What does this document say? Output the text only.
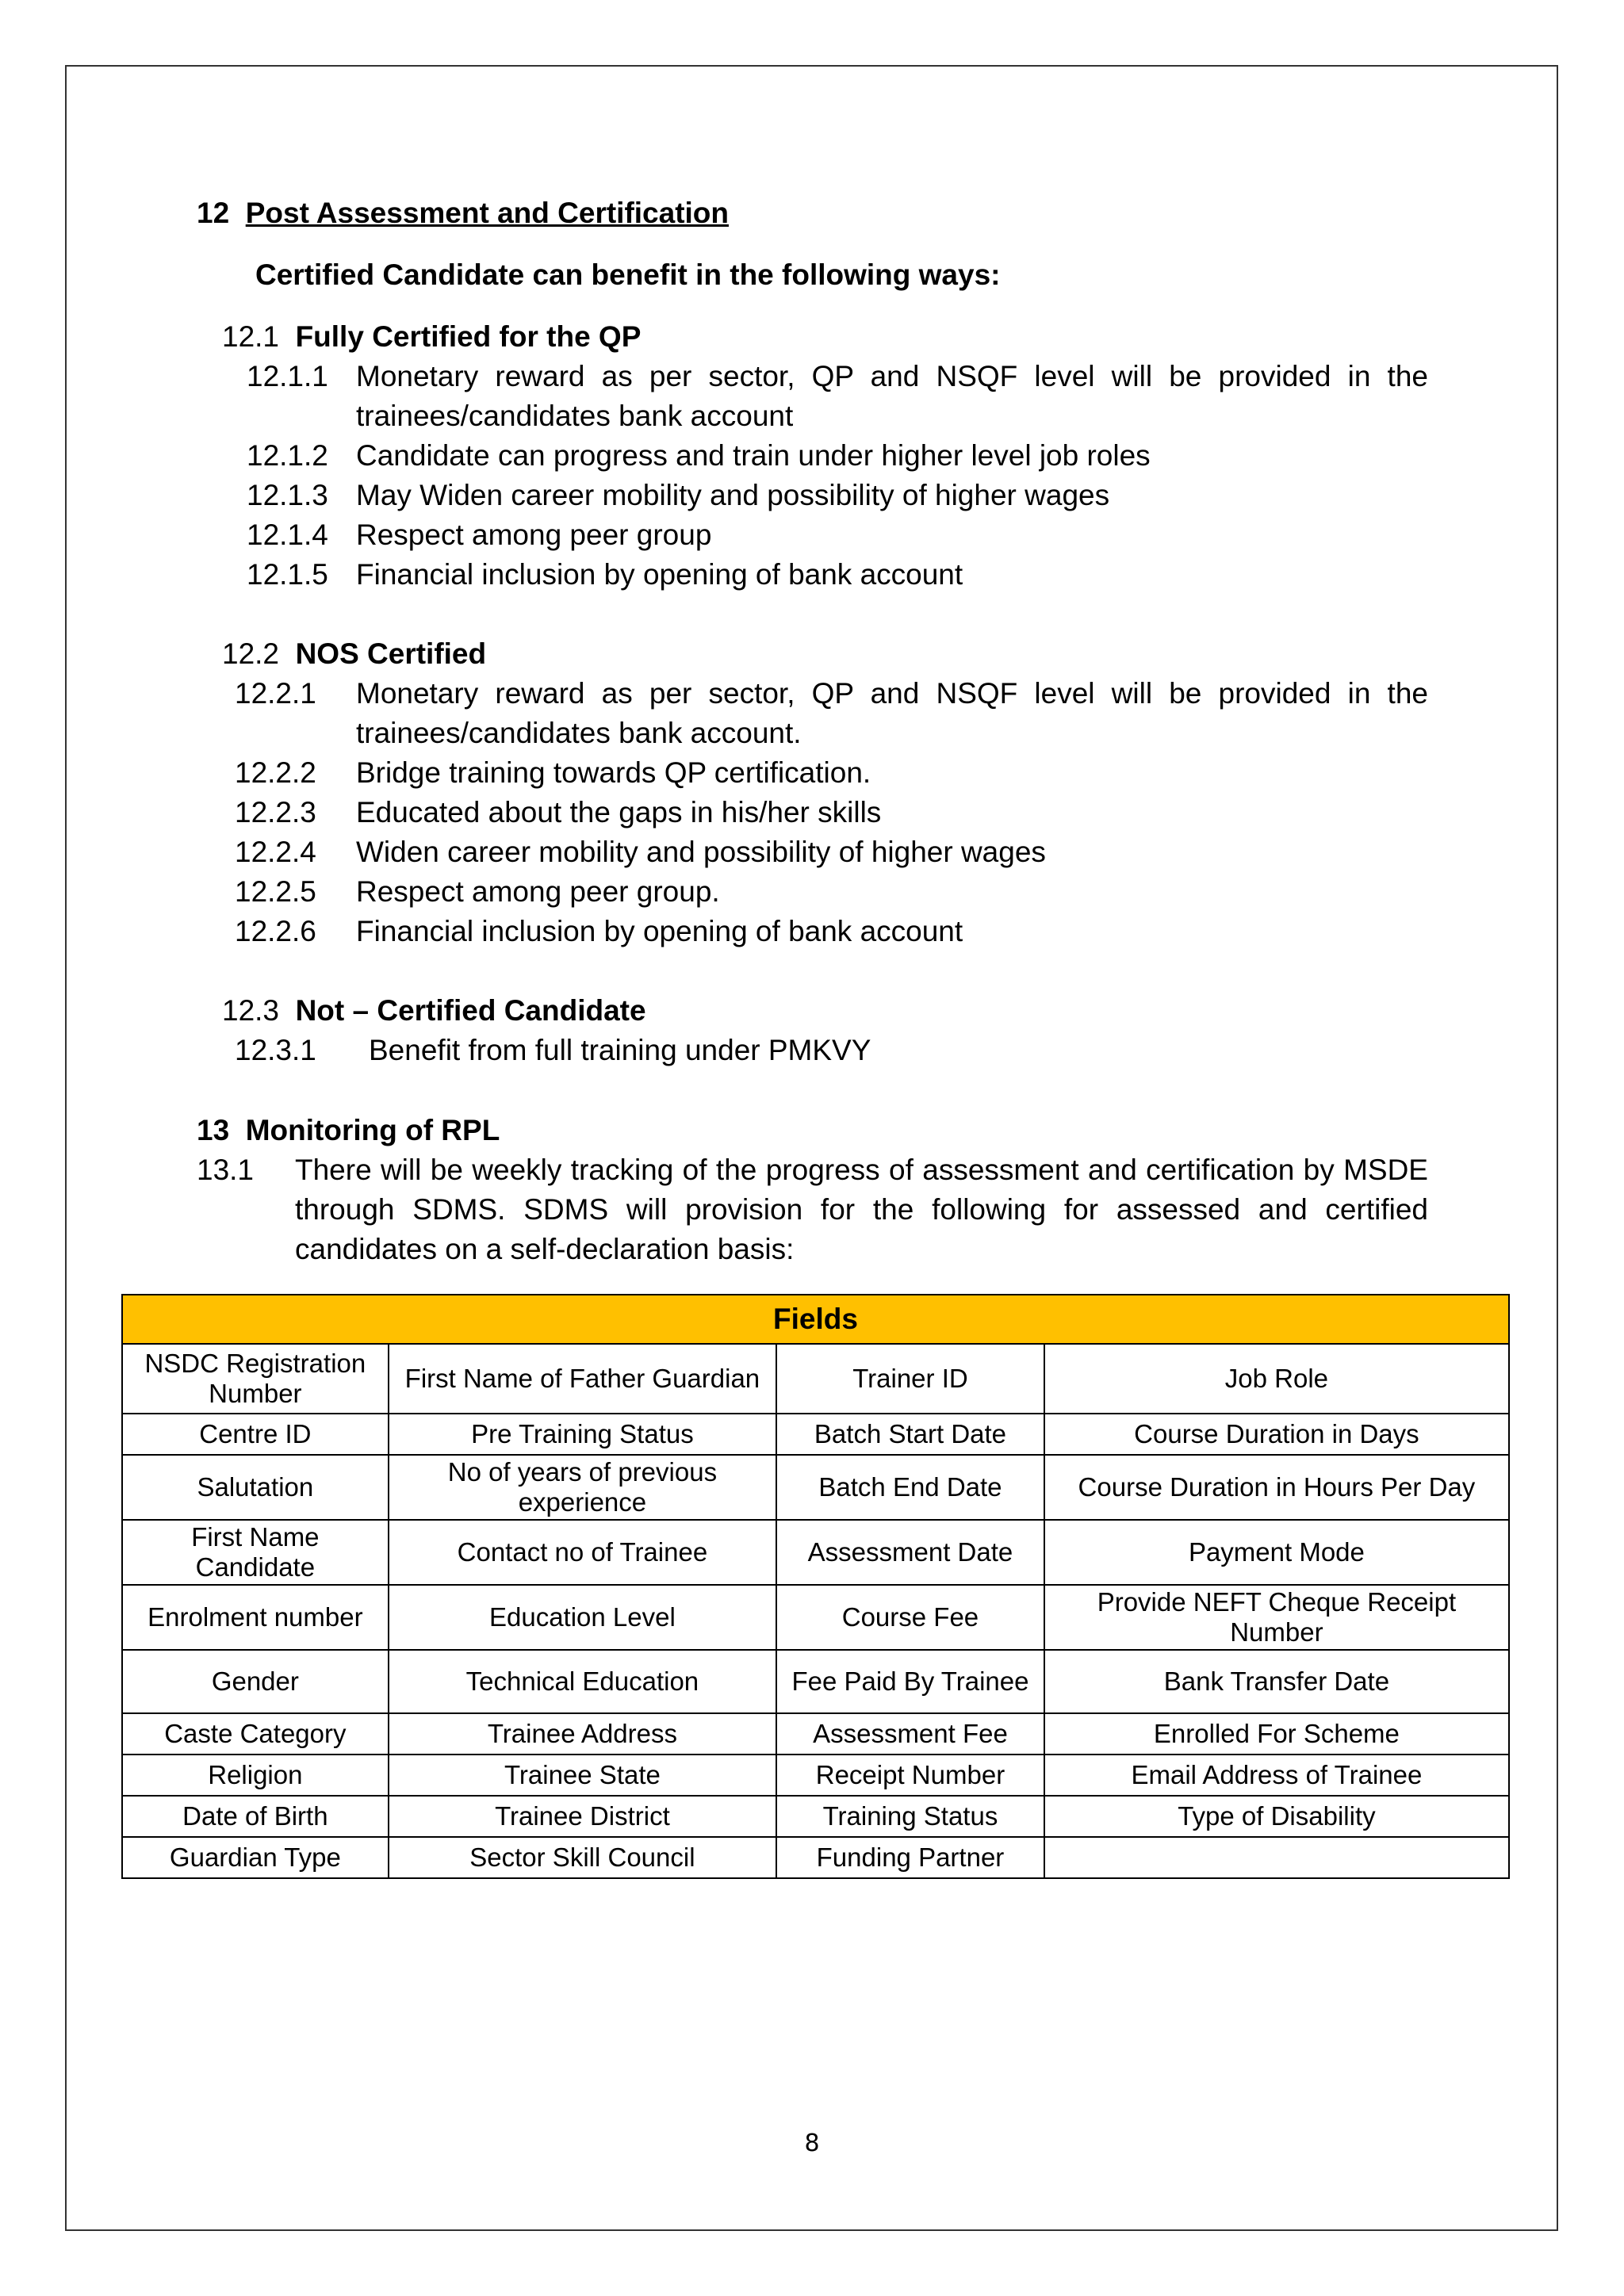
12 Post Assessment and Certification
Certified Candidate can benefit in the following ways:
12.1 Fully Certified for the QP
12.1.1 Monetary reward as per sector, QP and NSQF level will be provided in the trainees/candidates bank account
12.1.2 Candidate can progress and train under higher level job roles
12.1.3 May Widen career mobility and possibility of higher wages
12.1.4 Respect among peer group
12.1.5 Financial inclusion by opening of bank account
12.2 NOS Certified
12.2.1 Monetary reward as per sector, QP and NSQF level will be provided in the trainees/candidates bank account.
12.2.2 Bridge training towards QP certification.
12.2.3 Educated about the gaps in his/her skills
12.2.4 Widen career mobility and possibility of higher wages
12.2.5 Respect among peer group.
12.2.6 Financial inclusion by opening of bank account
12.3 Not – Certified Candidate
12.3.1 Benefit from full training under PMKVY
13 Monitoring of RPL
13.1 There will be weekly tracking of the progress of assessment and certification by MSDE through SDMS. SDMS will provision for the following for assessed and certified candidates on a self-declaration basis:
Fields			
NSDC Registration Number	First Name of Father Guardian	Trainer ID	Job Role
Centre ID	Pre Training Status	Batch Start Date	Course Duration in Days
Salutation	No of years of previous experience	Batch End Date	Course Duration in Hours Per Day
First Name Candidate	Contact no of Trainee	Assessment Date	Payment Mode
Enrolment number	Education Level	Course Fee	Provide NEFT Cheque Receipt Number
Gender	Technical Education	Fee Paid By Trainee	Bank Transfer Date
Caste Category	Trainee Address	Assessment Fee	Enrolled For Scheme
Religion	Trainee State	Receipt Number	Email Address of Trainee
Date of Birth	Trainee District	Training Status	Type of Disability
Guardian Type	Sector Skill Council	Funding Partner	
8
